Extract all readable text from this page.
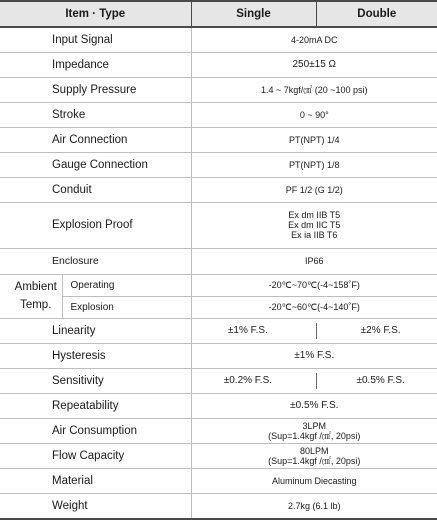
Item · Type		Single	Double
Input Signal		4-20mA DC	
Impedance		250±15 Ω	
Supply Pressure		1.4 ~ 7kgf/㎠ (20 ~100 psi)	
Stroke		0 ~ 90°	
Air Connection		PT(NPT) 1/4	
Gauge Connection		PT(NPT) 1/8	
Conduit		PF 1/2 (G 1/2)	
Explosion Proof		Ex dm IIB T5
Ex dm IIC T5
Ex ia IIB T6	

Enclosure		IP66	

Ambient
Temp.	Operating	-20℃~70℃(-4~158˚F)	
	Explosion	-20℃~60℃(-4~140˚F)	
Linearity		±1% F.S. ±2% F.S.	

Hysteresis		±1% F.S.	
Sensitivity		±0.2% F.S. ±0.5% F.S.	

Repeatability		±0.5% F.S.	
Air Consumption		3LPM
(Sup=1.4kgf /㎠, 20psi)	

Flow Capacity		80LPM
(Sup=1.4kgf /㎠, 20psi)	

Material		Aluminum Diecasting	
Weight		2.7kg (6.1 lb)	
